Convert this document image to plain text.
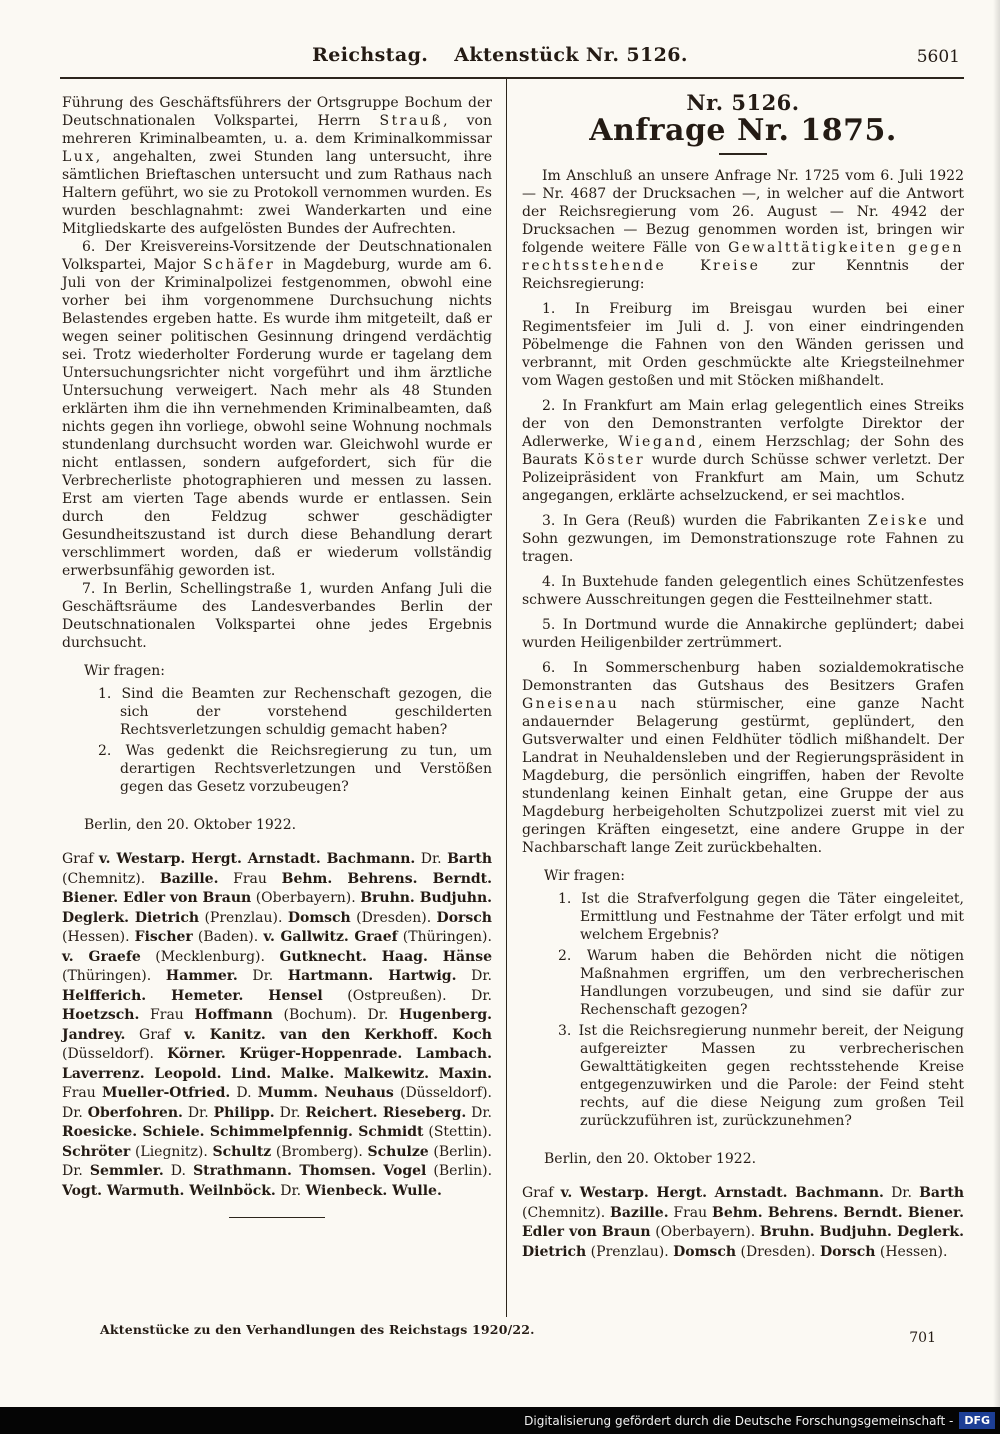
Reichstag. Aktenstück Nr. 5126.	5601

Führung des Geschäftsführers der Ortsgruppe Bochum der Deutschnationalen Volkspartei, Herrn Strauß, von mehreren Kriminalbeamten, u. a. dem Kriminalkommissar Lux, angehalten, zwei Stunden lang untersucht, ihre sämtlichen Brieftaschen untersucht und zum Rathaus nach Haltern geführt, wo sie zu Protokoll vernommen wurden. Es wurden beschlagnahmt: zwei Wanderkarten und eine Mitgliedskarte des aufgelösten Bundes der Aufrechten.

6. Der Kreisvereins-Vorsitzende der Deutschnationalen Volkspartei, Major Schäfer in Magdeburg, wurde am 6. Juli von der Kriminalpolizei festgenommen, obwohl eine vorher bei ihm vorgenommene Durchsuchung nichts Belastendes ergeben hatte. Es wurde ihm mitgeteilt, daß er wegen seiner politischen Gesinnung dringend verdächtig sei. Trotz wiederholter Forderung wurde er tagelang dem Untersuchungsrichter nicht vorgeführt und ihm ärztliche Untersuchung verweigert. Nach mehr als 48 Stunden erklärten ihm die ihn vernehmenden Kriminalbeamten, daß nichts gegen ihn vorliege, obwohl seine Wohnung nochmals stundenlang durchsucht worden war. Gleichwohl wurde er nicht entlassen, sondern aufgefordert, sich für die Verbrecherliste photographieren und messen zu lassen. Erst am vierten Tage abends wurde er entlassen. Sein durch den Feldzug schwer geschädigter Gesundheitszustand ist durch diese Behandlung derart verschlimmert worden, daß er wiederum vollständig erwerbsunfähig geworden ist.

7. In Berlin, Schellingstraße 1, wurden Anfang Juli die Geschäftsräume des Landesverbandes Berlin der Deutschnationalen Volkspartei ohne jedes Ergebnis durchsucht.

Wir fragen:

1. Sind die Beamten zur Rechenschaft gezogen, die sich der vorstehend geschilderten Rechtsverletzungen schuldig gemacht haben?

2. Was gedenkt die Reichsregierung zu tun, um derartigen Rechtsverletzungen und Verstößen gegen das Gesetz vorzubeugen?

Berlin, den 20. Oktober 1922.

Graf v. Westarp. Hergt. Arnstadt. Bachmann. Dr. Barth (Chemnitz). Bazille. Frau Behm. Behrens. Berndt. Biener. Edler von Braun (Oberbayern). Bruhn. Budjuhn. Deglerk. Dietrich (Prenzlau). Domsch (Dresden). Dorsch (Hessen). Fischer (Baden). v. Gallwitz. Graef (Thüringen). v. Graefe (Mecklenburg). Gutknecht. Haag. Hänse (Thüringen). Hammer. Dr. Hartmann. Hartwig. Dr. Helfferich. Hemeter. Hensel (Ostpreußen). Dr. Hoetzsch. Frau Hoffmann (Bochum). Dr. Hugenberg. Jandrey. Graf v. Kanitz. van den Kerkhoff. Koch (Düsseldorf). Körner. Krüger-Hoppenrade. Lambach. Laverrenz. Leopold. Lind. Malke. Malkewitz. Maxin. Frau Mueller-Otfried. D. Mumm. Neuhaus (Düsseldorf). Dr. Oberfohren. Dr. Philipp. Dr. Reichert. Rieseberg. Dr. Roesicke. Schiele. Schimmelpfennig. Schmidt (Stettin). Schröter (Liegnitz). Schultz (Bromberg). Schulze (Berlin). Dr. Semmler. D. Strathmann. Thomsen. Vogel (Berlin). Vogt. Warmuth. Weilnböck. Dr. Wienbeck. Wulle.

Nr. 5126.

Anfrage Nr. 1875.

Im Anschluß an unsere Anfrage Nr. 1725 vom 6. Juli 1922 — Nr. 4687 der Drucksachen —, in welcher auf die Antwort der Reichsregierung vom 26. August — Nr. 4942 der Drucksachen — Bezug genommen worden ist, bringen wir folgende weitere Fälle von Gewalttätigkeiten gegen rechtsstehende Kreise zur Kenntnis der Reichsregierung:

1. In Freiburg im Breisgau wurden bei einer Regimentsfeier im Juli d. J. von einer eindringenden Pöbelmenge die Fahnen von den Wänden gerissen und verbrannt, mit Orden geschmückte alte Kriegsteilnehmer vom Wagen gestoßen und mit Stöcken mißhandelt.

2. In Frankfurt am Main erlag gelegentlich eines Streiks der von den Demonstranten verfolgte Direktor der Adlerwerke, Wiegand, einem Herzschlag; der Sohn des Baurats Köster wurde durch Schüsse schwer verletzt. Der Polizeipräsident von Frankfurt am Main, um Schutz angegangen, erklärte achselzuckend, er sei machtlos.

3. In Gera (Reuß) wurden die Fabrikanten Zeiske und Sohn gezwungen, im Demonstrationszuge rote Fahnen zu tragen.

4. In Buxtehude fanden gelegentlich eines Schützenfestes schwere Ausschreitungen gegen die Festteilnehmer statt.

5. In Dortmund wurde die Annakirche geplündert; dabei wurden Heiligenbilder zertrümmert.

6. In Sommerschenburg haben sozialdemokratische Demonstranten das Gutshaus des Besitzers Grafen Gneisenau nach stürmischer, eine ganze Nacht andauernder Belagerung gestürmt, geplündert, den Gutsverwalter und einen Feldhüter tödlich mißhandelt. Der Landrat in Neuhaldensleben und der Regierungspräsident in Magdeburg, die persönlich eingriffen, haben der Revolte stundenlang keinen Einhalt getan, eine Gruppe der aus Magdeburg herbeigeholten Schutzpolizei zuerst mit viel zu geringen Kräften eingesetzt, eine andere Gruppe in der Nachbarschaft lange Zeit zurückbehalten.

Wir fragen:

1. Ist die Strafverfolgung gegen die Täter eingeleitet, Ermittlung und Festnahme der Täter erfolgt und mit welchem Ergebnis?

2. Warum haben die Behörden nicht die nötigen Maßnahmen ergriffen, um den verbrecherischen Handlungen vorzubeugen, und sind sie dafür zur Rechenschaft gezogen?

3. Ist die Reichsregierung nunmehr bereit, der Neigung aufgereizter Massen zu verbrecherischen Gewalttätigkeiten gegen rechtsstehende Kreise entgegenzuwirken und die Parole: der Feind steht rechts, auf die diese Neigung zum großen Teil zurückzuführen ist, zurückzunehmen?

Berlin, den 20. Oktober 1922.

Graf v. Westarp. Hergt. Arnstadt. Bachmann. Dr. Barth (Chemnitz). Bazille. Frau Behm. Behrens. Berndt. Biener. Edler von Braun (Oberbayern). Bruhn. Budjuhn. Deglerk. Dietrich (Prenzlau). Domsch (Dresden). Dorsch (Hessen).

Aktenstücke zu den Verhandlungen des Reichstags 1920/22.

701

Digitalisierung gefördert durch die Deutsche Forschungsgemeinschaft -	DFG
